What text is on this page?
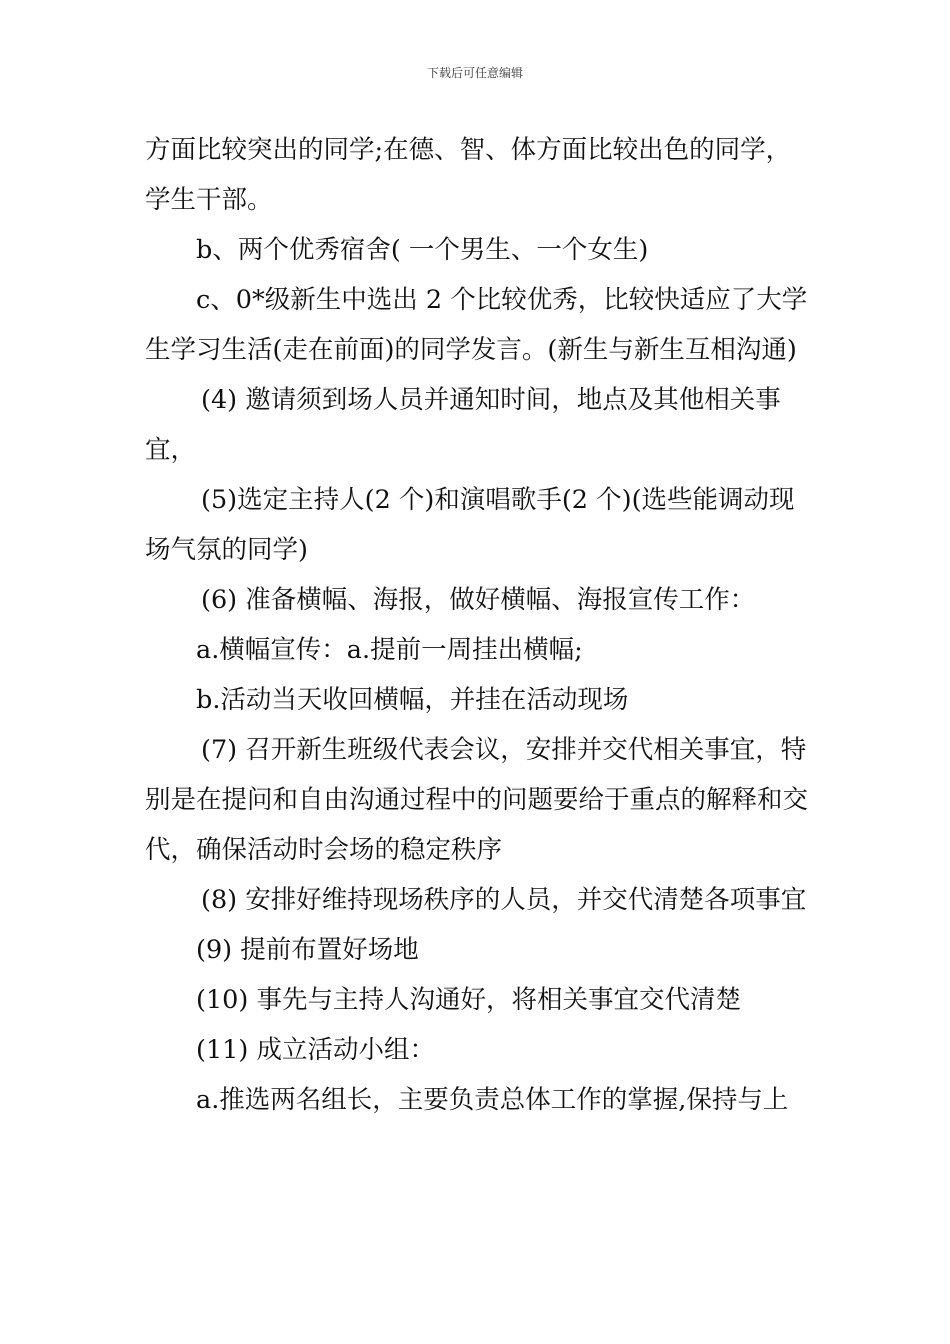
下载后可任意编辑

方面比较突出的同学;在德、智、体方面比较出色的同学，学生干部。

b、两个优秀宿舍( 一个男生、一个女生)

c、0*级新生中选出 2 个比较优秀，比较快适应了大学生学习生活(走在前面)的同学发言。(新生与新生互相沟通)

(4) 邀请须到场人员并通知时间，地点及其他相关事宜，

(5)选定主持人(2 个)和演唱歌手(2 个)(选些能调动现场气氛的同学)

(6) 准备横幅、海报，做好横幅、海报宣传工作：

a.横幅宣传：a.提前一周挂出横幅;

b.活动当天收回横幅，并挂在活动现场

(7) 召开新生班级代表会议，安排并交代相关事宜，特别是在提问和自由沟通过程中的问题要给于重点的解释和交代，确保活动时会场的稳定秩序

(8) 安排好维持现场秩序的人员，并交代清楚各项事宜

(9) 提前布置好场地

(10) 事先与主持人沟通好，将相关事宜交代清楚

(11) 成立活动小组：

a.推选两名组长，主要负责总体工作的掌握,保持与上
